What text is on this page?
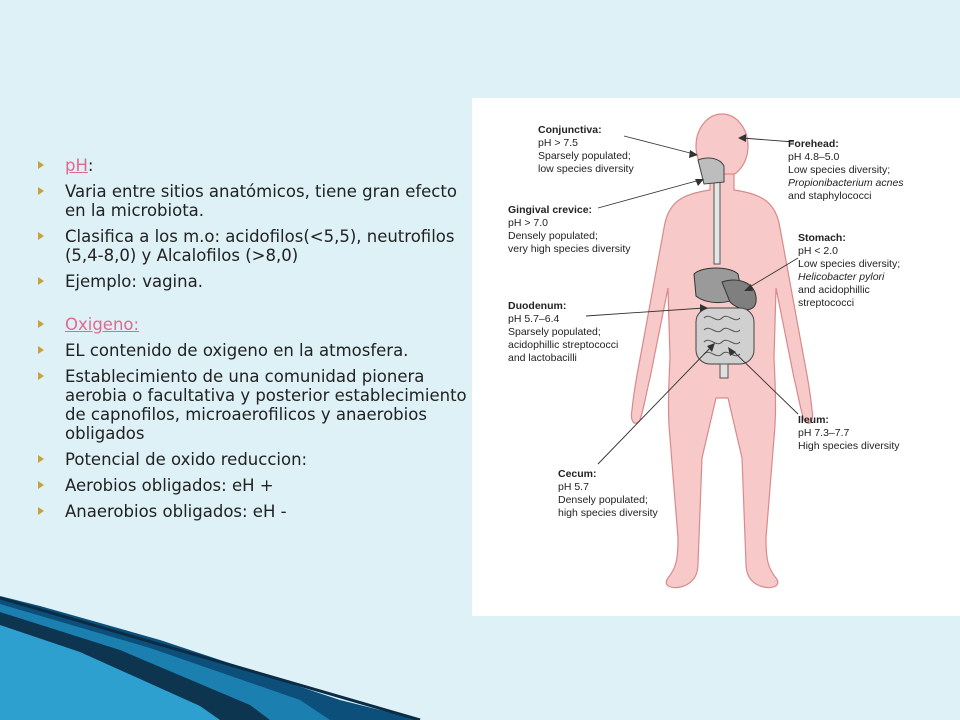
pH:
Varia entre sitios anatómicos, tiene gran efecto en la microbiota.
Clasifica a los m.o: acidofilos(<5,5), neutrofilos (5,4-8,0) y Alcalofilos (>8,0)
Ejemplo: vagina.
Oxigeno:
EL contenido de oxigeno en la atmosfera.
Establecimiento de una comunidad pionera aerobia o facultativa y posterior establecimiento de capnofilos, microaerofilicos y anaerobios obligados
Potencial de oxido reduccion:
Aerobios obligados: eH +
Anaerobios obligados: eH -
Conjunctiva:
pH > 7.5
Sparsely populated;
low species diversity
Gingival crevice:
pH > 7.0
Densely populated;
very high species diversity
Duodenum:
pH 5.7–6.4
Sparsely populated;
acidophillic streptococci
and lactobacilli
Cecum:
pH 5.7
Densely populated;
high species diversity
Forehead:
pH 4.8–5.0
Low species diversity;
Propionibacterium acnes
and staphylococci
Stomach:
pH < 2.0
Low species diversity;
Helicobacter pylori
and acidophillic
streptococci
Ileum:
pH 7.3–7.7
High species diversity
